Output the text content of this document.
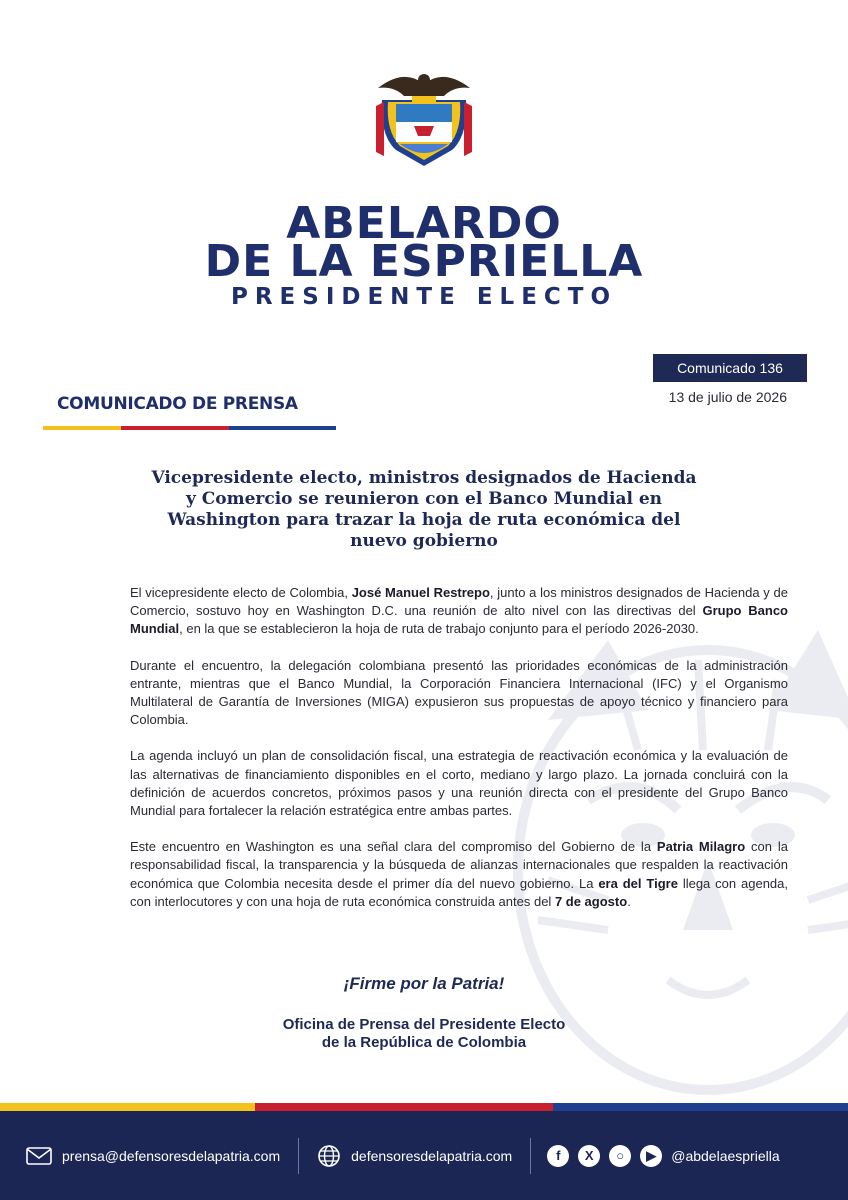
ABELARDO
DE LA ESPRIELLA
PRESIDENTE ELECTO
Comunicado 136
13 de julio de 2026
COMUNICADO DE PRENSA
Vicepresidente electo, ministros designados de Hacienda y Comercio se reunieron con el Banco Mundial en Washington para trazar la hoja de ruta económica del nuevo gobierno

El vicepresidente electo de Colombia, José Manuel Restrepo, junto a los ministros designados de Hacienda y de Comercio, sostuvo hoy en Washington D.C. una reunión de alto nivel con las directivas del Grupo Banco Mundial, en la que se establecieron la hoja de ruta de trabajo conjunto para el período 2026-2030.

Durante el encuentro, la delegación colombiana presentó las prioridades económicas de la administración entrante, mientras que el Banco Mundial, la Corporación Financiera Internacional (IFC) y el Organismo Multilateral de Garantía de Inversiones (MIGA) expusieron sus propuestas de apoyo técnico y financiero para Colombia.

La agenda incluyó un plan de consolidación fiscal, una estrategia de reactivación económica y la evaluación de las alternativas de financiamiento disponibles en el corto, mediano y largo plazo. La jornada concluirá con la definición de acuerdos concretos, próximos pasos y una reunión directa con el presidente del Grupo Banco Mundial para fortalecer la relación estratégica entre ambas partes.

Este encuentro en Washington es una señal clara del compromiso del Gobierno de la Patria Milagro con la responsabilidad fiscal, la transparencia y la búsqueda de alianzas internacionales que respalden la reactivación económica que Colombia necesita desde el primer día del nuevo gobierno. La era del Tigre llega con agenda, con interlocutores y con una hoja de ruta económica construida antes del 7 de agosto.

¡Firme por la Patria!
Oficina de Prensa del Presidente Electo
de la República de Colombia
prensa@defensoresdelapatria.com	defensoresdelapatria.com	f	X	○	▶	@abdelaespriella
